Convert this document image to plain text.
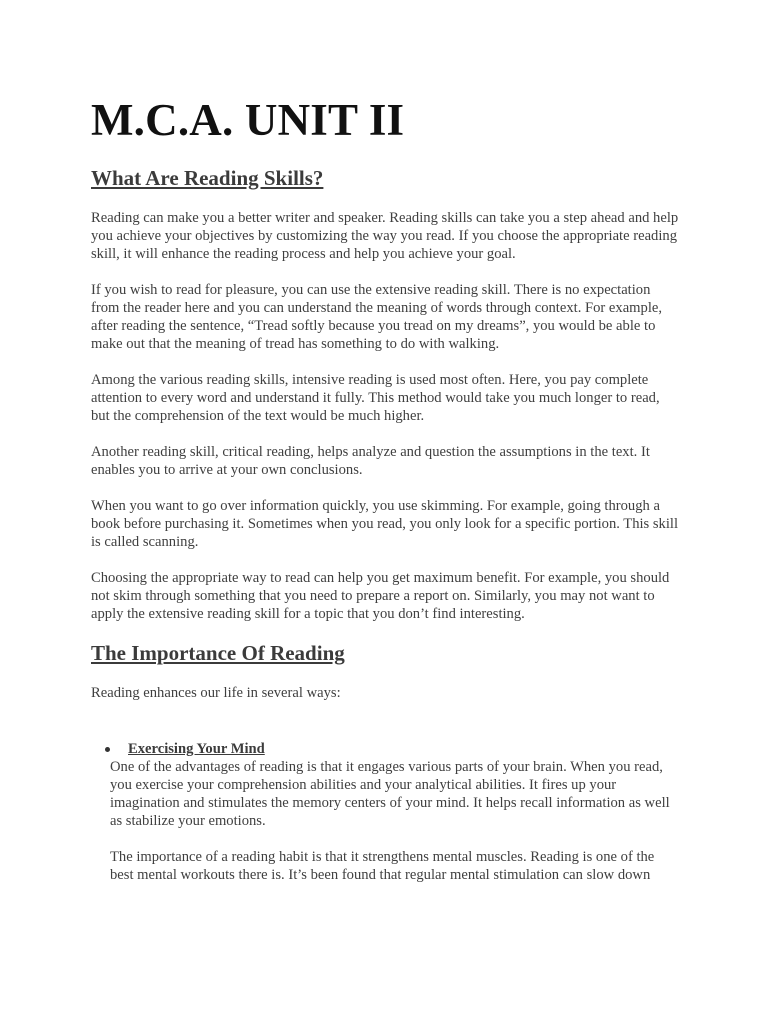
M.C.A. UNIT II
What Are Reading Skills?

Reading can make you a better writer and speaker. Reading skills can take you a step ahead and help you achieve your objectives by customizing the way you read. If you choose the appropriate reading skill, it will enhance the reading process and help you achieve your goal.

If you wish to read for pleasure, you can use the extensive reading skill. There is no expectation from the reader here and you can understand the meaning of words through context. For example, after reading the sentence, “Tread softly because you tread on my dreams”, you would be able to make out that the meaning of tread has something to do with walking.

Among the various reading skills, intensive reading is used most often. Here, you pay complete attention to every word and understand it fully. This method would take you much longer to read, but the comprehension of the text would be much higher.

Another reading skill, critical reading, helps analyze and question the assumptions in the text. It enables you to arrive at your own conclusions.

When you want to go over information quickly, you use skimming. For example, going through a book before purchasing it. Sometimes when you read, you only look for a specific portion. This skill is called scanning.

Choosing the appropriate way to read can help you get maximum benefit. For example, you should not skim through something that you need to prepare a report on. Similarly, you may not want to apply the extensive reading skill for a topic that you don’t find interesting.

The Importance Of Reading

Reading enhances our life in several ways:

Exercising Your Mind

One of the advantages of reading is that it engages various parts of your brain. When you read, you exercise your comprehension abilities and your analytical abilities. It fires up your imagination and stimulates the memory centers of your mind. It helps recall information as well as stabilize your emotions.

The importance of a reading habit is that it strengthens mental muscles. Reading is one of the best mental workouts there is. It’s been found that regular mental stimulation can slow down
